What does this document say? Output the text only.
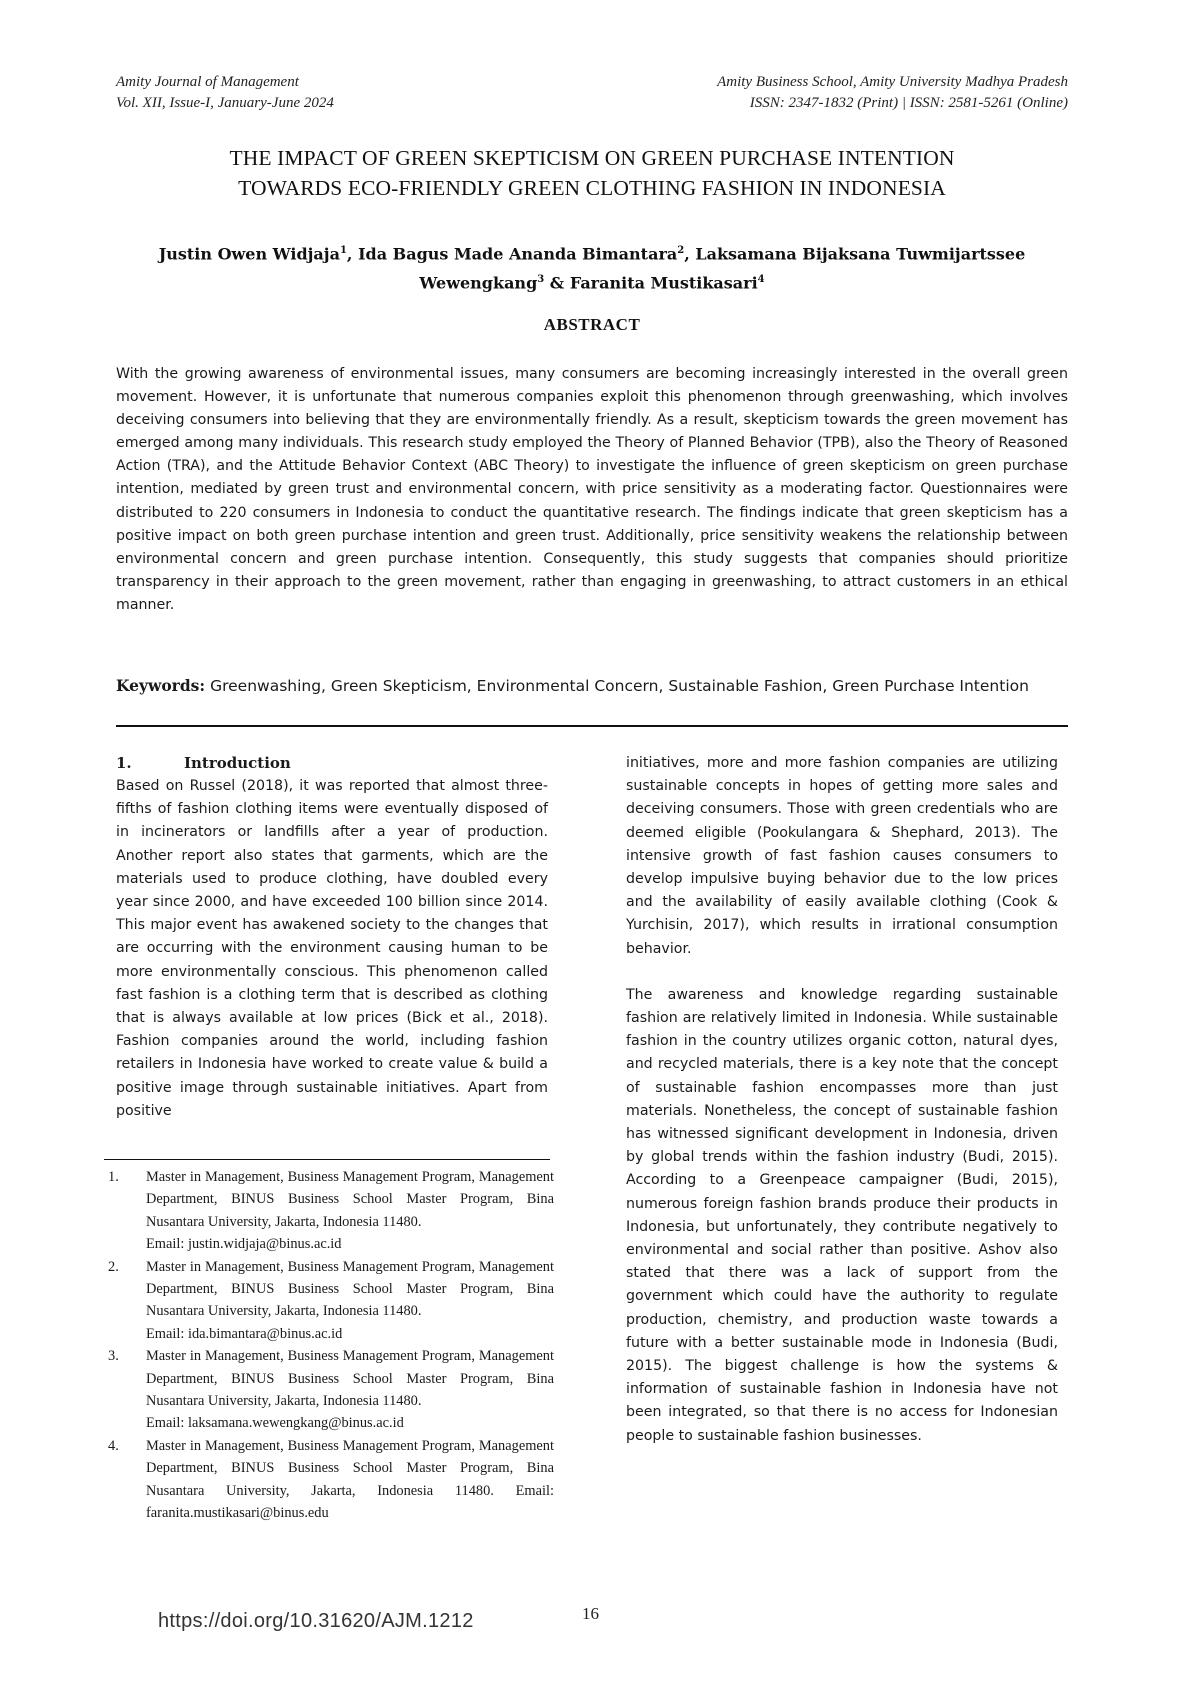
Amity Journal of Management
Vol. XII, Issue-I, January-June 2024
Amity Business School, Amity University Madhya Pradesh
ISSN: 2347-1832 (Print) | ISSN: 2581-5261 (Online)
THE IMPACT OF GREEN SKEPTICISM ON GREEN PURCHASE INTENTION
TOWARDS ECO-FRIENDLY GREEN CLOTHING FASHION IN INDONESIA
Justin Owen Widjaja$^1$, Ida Bagus Made Ananda Bimantara$^2$, Laksamana Bijaksana Tuwmijartssee Wewengkang$^3$ & Faranita Mustikasari$^4$
ABSTRACT
With the growing awareness of environmental issues, many consumers are becoming increasingly interested in the overall green movement. However, it is unfortunate that numerous companies exploit this phenomenon through greenwashing, which involves deceiving consumers into believing that they are environmentally friendly. As a result, skepticism towards the green movement has emerged among many individuals. This research study employed the Theory of Planned Behavior (TPB), also the Theory of Reasoned Action (TRA), and the Attitude Behavior Context (ABC Theory) to investigate the influence of green skepticism on green purchase intention, mediated by green trust and environmental concern, with price sensitivity as a moderating factor. Questionnaires were distributed to 220 consumers in Indonesia to conduct the quantitative research. The findings indicate that green skepticism has a positive impact on both green purchase intention and green trust. Additionally, price sensitivity weakens the relationship between environmental concern and green purchase intention. Consequently, this study suggests that companies should prioritize transparency in their approach to the green movement, rather than engaging in greenwashing, to attract customers in an ethical manner.
Keywords: Greenwashing, Green Skepticism, Environmental Concern, Sustainable Fashion, Green Purchase Intention
1.	Introduction

Based on Russel (2018), it was reported that almost three-fifths of fashion clothing items were eventually disposed of in incinerators or landfills after a year of production. Another report also states that garments, which are the materials used to produce clothing, have doubled every year since 2000, and have exceeded 100 billion since 2014. This major event has awakened society to the changes that are occurring with the environment causing human to be more environmentally conscious. This phenomenon called fast fashion is a clothing term that is described as clothing that is always available at low prices (Bick et al., 2018). Fashion companies around the world, including fashion retailers in Indonesia have worked to create value & build a positive image through sustainable initiatives. Apart from positive

initiatives, more and more fashion companies are utilizing sustainable concepts in hopes of getting more sales and deceiving consumers. Those with green credentials who are deemed eligible (Pookulangara & Shephard, 2013). The intensive growth of fast fashion causes consumers to develop impulsive buying behavior due to the low prices and the availability of easily available clothing (Cook & Yurchisin, 2017), which results in irrational consumption behavior.

The awareness and knowledge regarding sustainable fashion are relatively limited in Indonesia. While sustainable fashion in the country utilizes organic cotton, natural dyes, and recycled materials, there is a key note that the concept of sustainable fashion encompasses more than just materials. Nonetheless, the concept of sustainable fashion has witnessed significant development in Indonesia, driven by global trends within the fashion industry (Budi, 2015). According to a Greenpeace campaigner (Budi, 2015), numerous foreign fashion brands produce their products in Indonesia, but unfortunately, they contribute negatively to environmental and social rather than positive. Ashov also stated that there was a lack of support from the government which could have the authority to regulate production, chemistry, and production waste towards a future with a better sustainable mode in Indonesia (Budi, 2015). The biggest challenge is how the systems & information of sustainable fashion in Indonesia have not been integrated, so that there is no access for Indonesian people to sustainable fashion businesses.

1.	Master in Management, Business Management Program, Management Department, BINUS Business School Master Program, Bina Nusantara University, Jakarta, Indonesia 11480.
Email: justin.widjaja@binus.ac.id
2.	Master in Management, Business Management Program, Management Department, BINUS Business School Master Program, Bina Nusantara University, Jakarta, Indonesia 11480.
Email: ida.bimantara@binus.ac.id
3.	Master in Management, Business Management Program, Management Department, BINUS Business School Master Program, Bina Nusantara University, Jakarta, Indonesia 11480.
Email: laksamana.wewengkang@binus.ac.id
4.	Master in Management, Business Management Program, Management Department, BINUS Business School Master Program, Bina Nusantara University, Jakarta, Indonesia 11480. Email: faranita.mustikasari@binus.edu
https://doi.org/10.31620/AJM.1212	16
